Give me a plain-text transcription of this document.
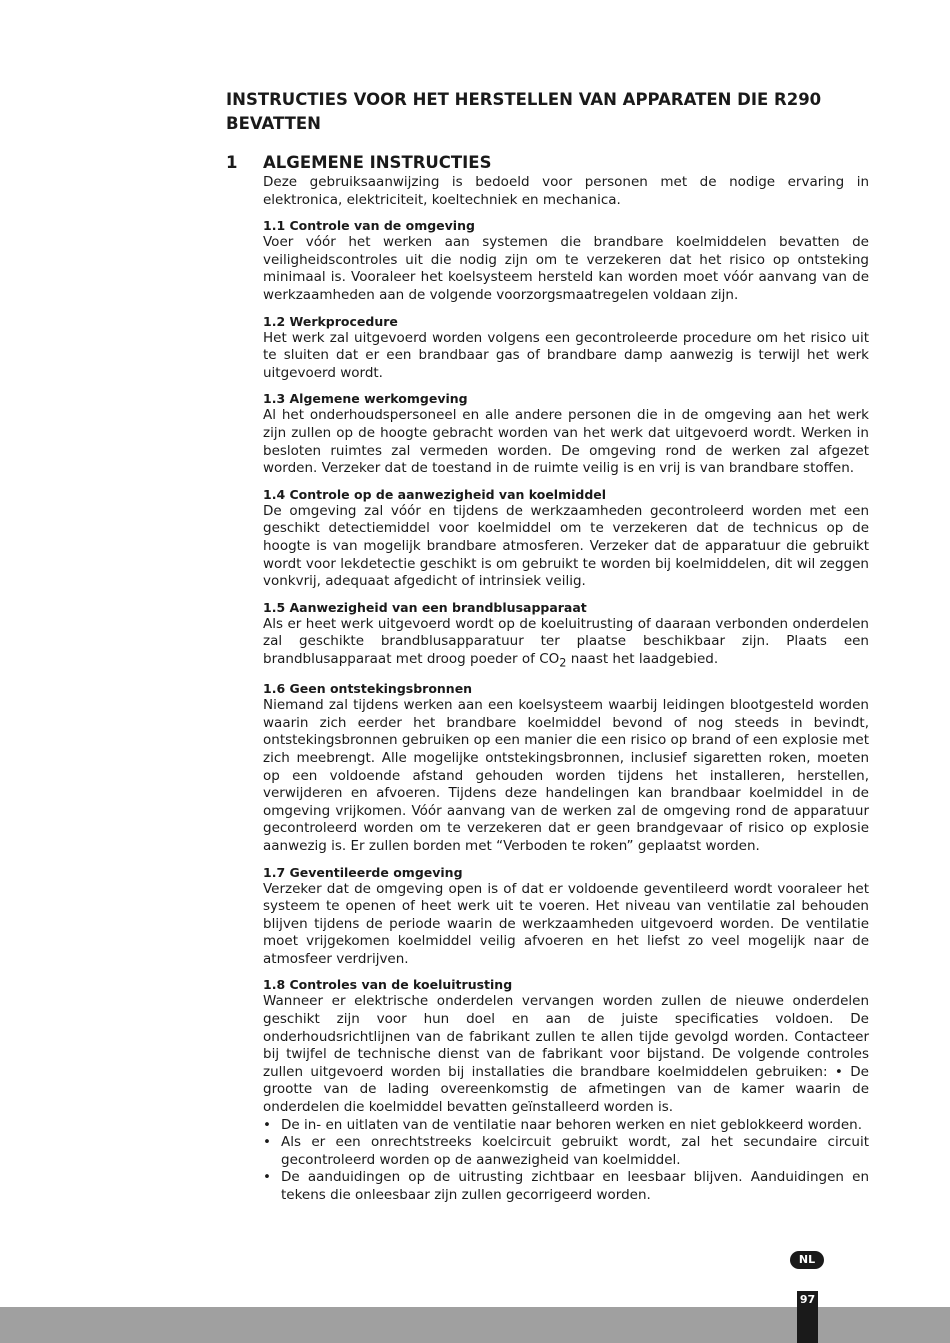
INSTRUCTIES VOOR HET HERSTELLEN VAN APPARATEN DIE R290 BEVATTEN
1 ALGEMENE INSTRUCTIES

Deze gebruiksaanwijzing is bedoeld voor personen met de nodige ervaring in elektronica, elektriciteit, koeltechniek en mechanica.

1.1 Controle van de omgeving

Voer vóór het werken aan systemen die brandbare koelmiddelen bevatten de veiligheidscontroles uit die nodig zijn om te verzekeren dat het risico op ontsteking minimaal is. Vooraleer het koelsysteem hersteld kan worden moet vóór aanvang van de werkzaamheden aan de volgende voorzorgsmaatregelen voldaan zijn.

1.2 Werkprocedure

Het werk zal uitgevoerd worden volgens een gecontroleerde procedure om het risico uit te sluiten dat er een brandbaar gas of brandbare damp aanwezig is terwijl het werk uitgevoerd wordt.

1.3 Algemene werkomgeving

Al het onderhoudspersoneel en alle andere personen die in de omgeving aan het werk zijn zullen op de hoogte gebracht worden van het werk dat uitgevoerd wordt. Werken in besloten ruimtes zal vermeden worden. De omgeving rond de werken zal afgezet worden. Verzeker dat de toestand in de ruimte veilig is en vrij is van brandbare stoffen.

1.4 Controle op de aanwezigheid van koelmiddel

De omgeving zal vóór en tijdens de werkzaamheden gecontroleerd worden met een geschikt detectiemiddel voor koelmiddel om te verzekeren dat de technicus op de hoogte is van mogelijk brandbare atmosferen. Verzeker dat de apparatuur die gebruikt wordt voor lekdetectie geschikt is om gebruikt te worden bij koelmiddelen, dit wil zeggen vonkvrij, adequaat afgedicht of intrinsiek veilig.

1.5 Aanwezigheid van een brandblusapparaat

Als er heet werk uitgevoerd wordt op de koeluitrusting of daaraan verbonden onderdelen zal geschikte brandblusapparatuur ter plaatse beschikbaar zijn. Plaats een brandblusapparaat met droog poeder of $CO_2$ naast het laadgebied.

1.6 Geen ontstekingsbronnen

Niemand zal tijdens werken aan een koelsysteem waarbij leidingen blootgesteld worden waarin zich eerder het brandbare koelmiddel bevond of nog steeds in bevindt, ontstekingsbronnen gebruiken op een manier die een risico op brand of een explosie met zich meebrengt. Alle mogelijke ontstekingsbronnen, inclusief sigaretten roken, moeten op een voldoende afstand gehouden worden tijdens het installeren, herstellen, verwijderen en afvoeren. Tijdens deze handelingen kan brandbaar koelmiddel in de omgeving vrijkomen. Vóór aanvang van de werken zal de omgeving rond de apparatuur gecontroleerd worden om te verzekeren dat er geen brandgevaar of risico op explosie aanwezig is. Er zullen borden met “Verboden te roken” geplaatst worden.

1.7 Geventileerde omgeving

Verzeker dat de omgeving open is of dat er voldoende geventileerd wordt vooraleer het systeem te openen of heet werk uit te voeren. Het niveau van ventilatie zal behouden blijven tijdens de periode waarin de werkzaamheden uitgevoerd worden. De ventilatie moet vrijgekomen koelmiddel veilig afvoeren en het liefst zo veel mogelijk naar de atmosfeer verdrijven.

1.8 Controles van de koeluitrusting

Wanneer er elektrische onderdelen vervangen worden zullen de nieuwe onderdelen geschikt zijn voor hun doel en aan de juiste specificaties voldoen. De onderhoudsrichtlijnen van de fabrikant zullen te allen tijde gevolgd worden. Contacteer bij twijfel de technische dienst van de fabrikant voor bijstand. De volgende controles zullen uitgevoerd worden bij installaties die brandbare koelmiddelen gebruiken: • De grootte van de lading overeenkomstig de afmetingen van de kamer waarin de onderdelen die koelmiddel bevatten geïnstalleerd worden is.

• De in- en uitlaten van de ventilatie naar behoren werken en niet geblokkeerd worden.
• Als er een onrechtstreeks koelcircuit gebruikt wordt, zal het secundaire circuit gecontroleerd worden op de aanwezigheid van koelmiddel.
• De aanduidingen op de uitrusting zichtbaar en leesbaar blijven. Aanduidingen en tekens die onleesbaar zijn zullen gecorrigeerd worden.
NL
97
